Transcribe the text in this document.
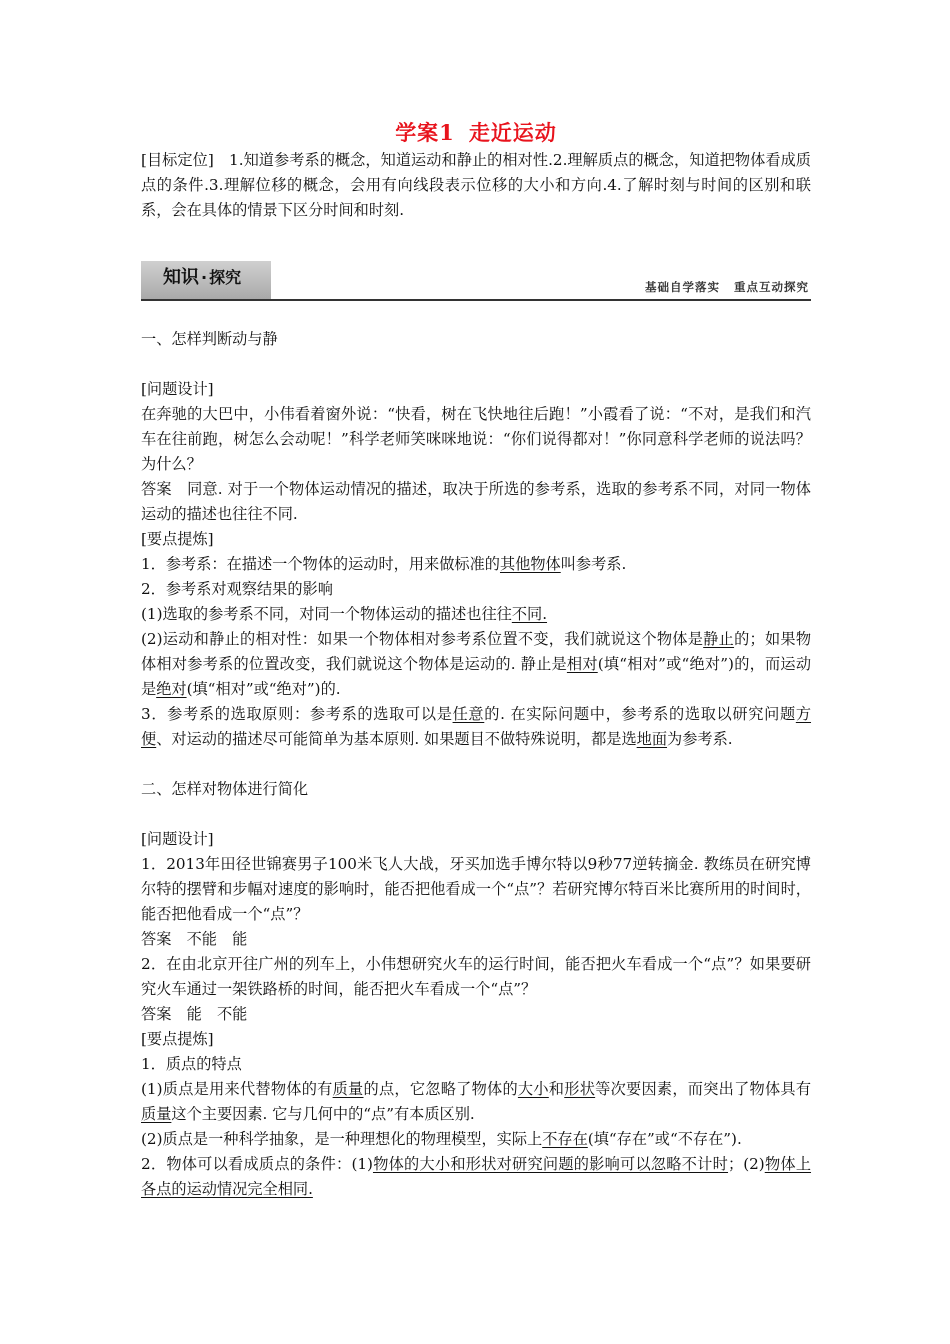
学案1 走近运动

[目标定位]　1.知道参考系的概念，知道运动和静止的相对性.2.理解质点的概念，知道把物体看成质点的条件.3.理解位移的概念，会用有向线段表示位移的大小和方向.4.了解时刻与时间的区别和联系，会在具体的情景下区分时间和时刻.

知识 · 探究	基础自学落实 重点互动探究

一、怎样判断动与静

[问题设计]

在奔驰的大巴中，小伟看着窗外说：“快看，树在飞快地往后跑！”小霞看了说：“不对，是我们和汽车在往前跑，树怎么会动呢！”科学老师笑咪咪地说：“你们说得都对！”你同意科学老师的说法吗？为什么？

答案　同意. 对于一个物体运动情况的描述，取决于所选的参考系，选取的参考系不同，对同一物体运动的描述也往往不同.

[要点提炼]

1．参考系：在描述一个物体的运动时，用来做标准的其他物体叫参考系.

2．参考系对观察结果的影响

(1)选取的参考系不同，对同一个物体运动的描述也往往不同.

(2)运动和静止的相对性：如果一个物体相对参考系位置不变，我们就说这个物体是静止的；如果物体相对参考系的位置改变，我们就说这个物体是运动的. 静止是相对(填“相对”或“绝对”)的，而运动是绝对(填“相对”或“绝对”)的.

3．参考系的选取原则：参考系的选取可以是任意的. 在实际问题中，参考系的选取以研究问题方便、对运动的描述尽可能简单为基本原则. 如果题目不做特殊说明，都是选地面为参考系.

二、怎样对物体进行简化

[问题设计]

1．2013年田径世锦赛男子100米飞人大战，牙买加选手博尔特以9秒77逆转摘金. 教练员在研究博尔特的摆臂和步幅对速度的影响时，能否把他看成一个“点”？若研究博尔特百米比赛所用的时间时，能否把他看成一个“点”？

答案　不能　能

2．在由北京开往广州的列车上，小伟想研究火车的运行时间，能否把火车看成一个“点”？如果要研究火车通过一架铁路桥的时间，能否把火车看成一个“点”？

答案　能　不能

[要点提炼]

1．质点的特点

(1)质点是用来代替物体的有质量的点，它忽略了物体的大小和形状等次要因素，而突出了物体具有质量这个主要因素. 它与几何中的“点”有本质区别.

(2)质点是一种科学抽象，是一种理想化的物理模型，实际上不存在(填“存在”或“不存在”).

2．物体可以看成质点的条件：(1)物体的大小和形状对研究问题的影响可以忽略不计时；(2)物体上各点的运动情况完全相同.
